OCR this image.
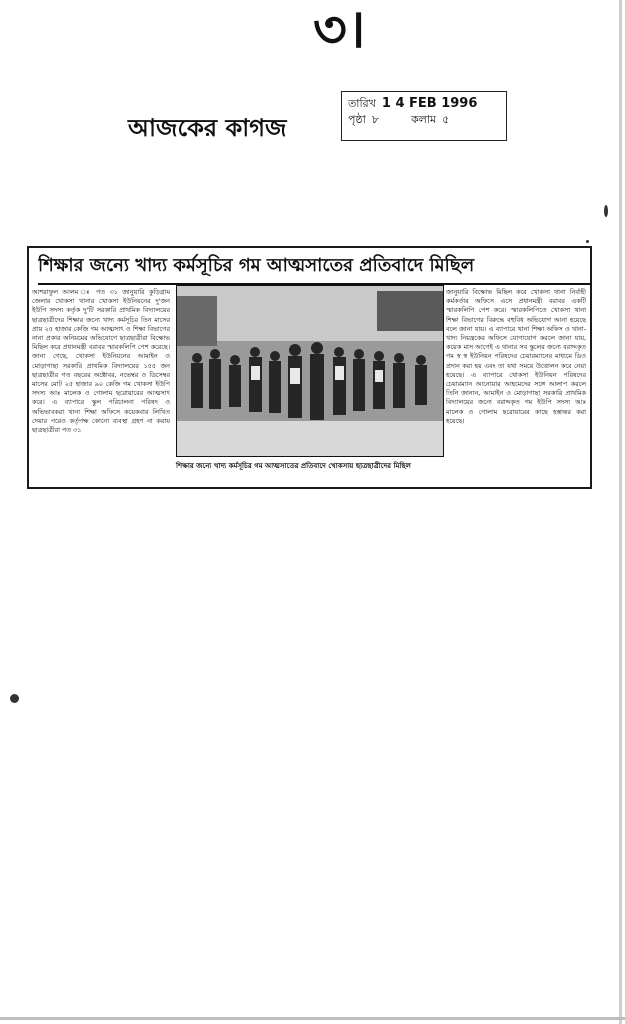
৩।
আজকের কাগজ
তারিখ 1 4 FEB 1996
পৃষ্ঠা ৮	কলাম ৫
শিক্ষার জন্যে খাদ্য কর্মসূচির গম আত্মসাতের প্রতিবাদে মিছিল
আশরাফুল আলম ঃ গত ৩১ জানুয়ারি কুড়িগ্রাম জেলার খোকসা থানার খোকসা ইউনিয়নের দু'জন ইউপি সদস্য কর্তৃক দু'টি সরকারি প্রাথমিক বিদ্যালয়ের ছাত্রছাত্রীদের শিক্ষার জন্যে খাদ্য কর্মসূচির তিন মাসের প্রায় ২৫ হাজার কেজি গম আত্মসাৎ ও শিক্ষা বিভাগের নানা প্রকার অনিয়মের অভিযোগে ছাত্রছাত্রীরা বিক্ষোভ মিছিল করে প্রধানমন্ত্রী বরাবর স্মারকলিপি পেশ করেছে। জানা গেছে, খোকসা ইউনিয়নের আমাইন ও মোড়াগাছা সরকারি প্রাথমিক বিদ্যালয়ের ১৫৫ জন ছাত্রছাত্রীর গত বছরের অক্টোবর, নভেম্বর ও ডিসেম্বর মাসের মোট ২৫ হাজার ৯০ কেজি গম খোকসা ইউপি সদস্য আঃ মালেক ও গোলাম ছরোয়ারের আত্মসাৎ করে। এ ব্যাপারে স্কুল পরিচালনা পরিষদ ও অভিভাবকরা থানা শিক্ষা অফিসে কয়েকবার লিখিত দেয়ার পরেও কর্তৃপক্ষ কোনো ব্যবস্থা গ্রহণ না করায় ছাত্রছাত্রীরা গত ৩১
শিক্ষার জন্যে খাদ্য কর্মসূচির গম আত্মসাতের প্রতিবাদে খোকসায় ছাত্রছাত্রীদের মিছিল
জানুয়ারি বিক্ষোভ মিছিল করে খোকসা থানা নির্বাহী কর্মকর্তার অফিসে এসে প্রধানমন্ত্রী বরাবর একটি স্মারকলিপি পেশ করে। স্মারকলিপিতে খোকসা থানা শিক্ষা বিভাগের বিরুদ্ধে বহুবিধ অভিযোগ আনা হয়েছে বলে জানা যায়। এ ব্যাপারে থানা শিক্ষা অফিস ও থানা-খাদ্য নিয়ন্ত্রকের অফিসে যোগাযোগ করলে জানা যায়, কয়েক মাস আগেই এ থানার সব স্কুলের জন্যে বরাদ্দকৃত গম স্ব স্ব ইউনিয়ন পরিষদের চেয়ারম্যানের মাধ্যমে ডিও প্রদান করা হয় এবং তা যথা সময়ে উত্তোলন করে নেয়া হয়েছে। এ ব্যাপারে খোকসা ইউনিয়ন পরিষদের চেয়ারম্যান আনোয়ার আহমেদের সঙ্গে আলাপ করলে তিনি জানান, আমাইন ও মোড়াগাছা সরকারি প্রাথমিক বিদ্যালয়ের জন্যে বরাদ্দকৃত গম ইউপি সদস্য আঃ মালেক ও গোলাম ছরোয়ারের কাছে হস্তান্তর করা হয়েছে।
